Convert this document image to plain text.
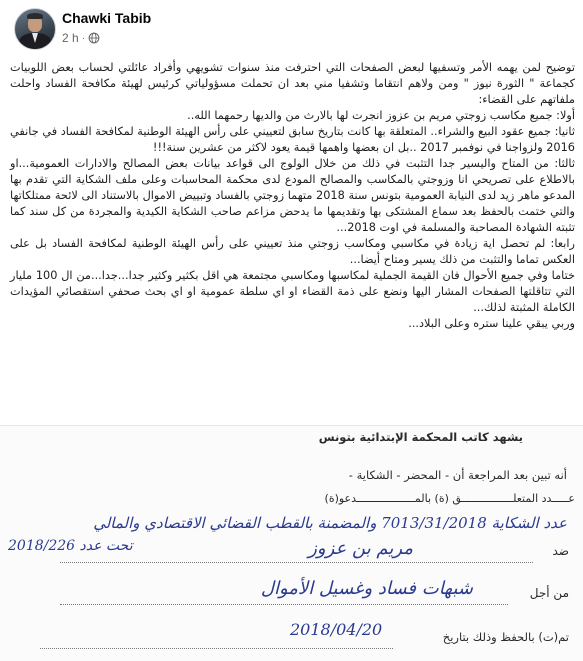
Chawki Tabib
2 h ·

توضيح لمن يهمه الأمر وتسفيها لبعض الصفحات التي احترفت منذ سنوات تشويهي وأفراد عائلتي لحساب بعض اللوبيات كجماعة " الثورة نيوز " ومن ولاهم انتقاما وتشفيا مني بعد ان تحملت مسؤولياتي كرئيس لهيئة مكافحة الفساد واحلت ملفاتهم على القضاء:

أولا: جميع مكاسب زوجتي مريم بن عزوز انجرت لها بالارث من والديها رحمهما الله..

ثانيا: جميع عقود البيع والشراء.. المتعلقة بها كانت بتاريخ سابق لتعييني على رأس الهيئة الوطنية لمكافحة الفساد في جانفي 2016 ولزواجنا في نوفمبر 2017 ..بل ان بعضها واهمها قيمة يعود لاكثر من عشرين سنة!!!

ثالثا: من المتاح واليسير جدا التثبت في ذلك من خلال الولوج الى قواعد بيانات بعض المصالح والادارات العمومية...او بالاطلاع على تصريحي انا وزوجتي بالمكاسب والمصالح المودع لدى محكمة المحاسبات وعلى ملف الشكاية التي تقدم بها المدعو ماهر زيد لدى النيابة العمومية بتونس سنة 2018 متهما زوجتي بالفساد وتبييض الاموال بالاستناد الى لائحة ممتلكاتها والتي ختمت بالحفظ بعد سماع المشتكى بها وتقديمها ما يدحض مزاعم صاحب الشكاية الكيدية والمجردة من كل سند كما تثبته الشهادة المصاحبة والمسلمة في اوت 2018...

رابعا: لم تحصل اية زيادة في مكاسبي ومكاسب زوجتي منذ تعييني على رأس الهيئة الوطنية لمكافحة الفساد بل على العكس تماما والتثبت من ذلك يسير ومتاح أيضا...

ختاما وفي جميع الأحوال فان القيمة الجملية لمكاسبها ومكاسبي مجتمعة هي اقل بكثير وكثير جدا...جدا...من ال 100 مليار التي تتاقلتها الصفحات المشار اليها ونضع على ذمة القضاء او اي سلطة عمومية او اي بحث صحفي استقصائي المؤيدات الكاملة المثبتة لذلك...

وربي يبقي علينا ستره وعلى البلاد...

يشهد كاتب المحكمة الإبتدائية بتونس
أنه تبين بعد المراجعة أن - المحضر - الشكاية -
عـــــدد المتعلــــــــــــــــق (ة) بالمــــــــــــــــــدعو(ة)
عدد الشكاية 7013/31/2018 والمضمنة بالقطب القضائي الاقتصادي والمالي
تحت عدد 2018/226	ضد
مريم بن عزوز
من أجل
شبهات فساد وغسيل الأموال
تم(ت) بالحفظ وذلك بتاريخ
2018/04/20
